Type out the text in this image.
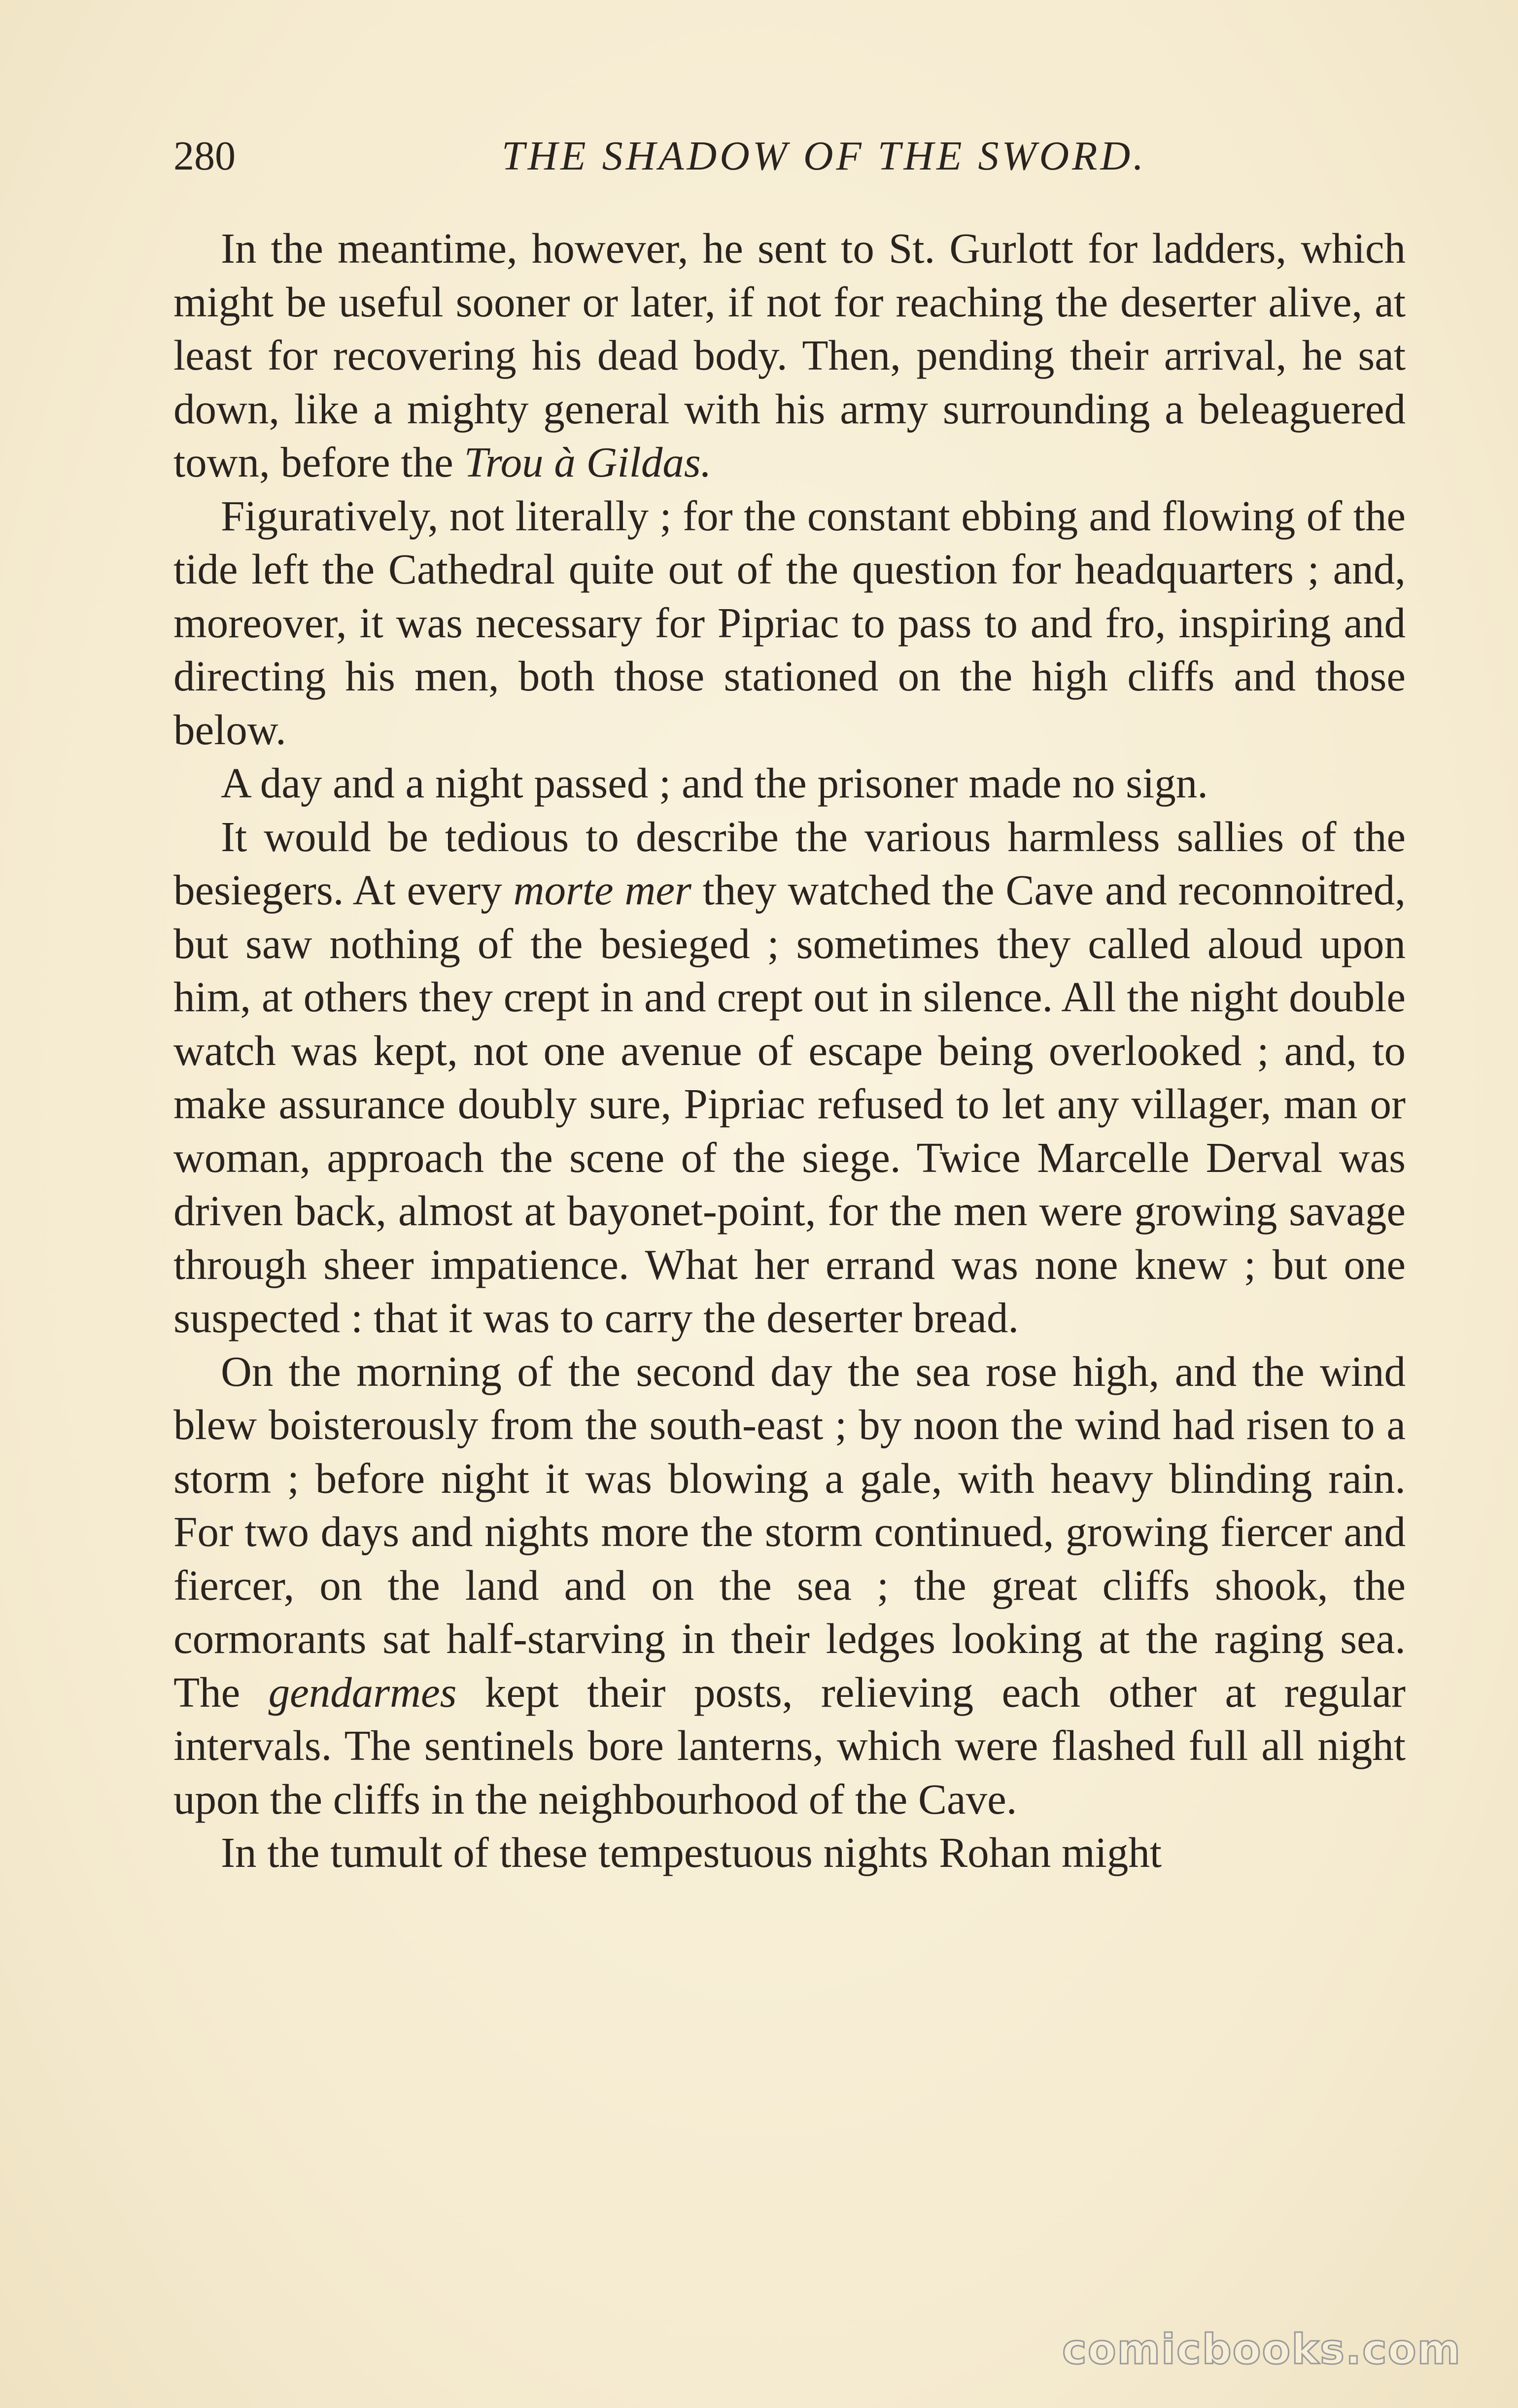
280	THE SHADOW OF THE SWORD.

In the meantime, however, he sent to St. Gurlott for ladders, which might be useful sooner or later, if not for reaching the deserter alive, at least for recovering his dead body. Then, pending their arrival, he sat down, like a mighty general with his army surrounding a beleaguered town, before the Trou à Gildas.

Figuratively, not literally ; for the constant ebbing and flowing of the tide left the Cathedral quite out of the question for headquarters ; and, moreover, it was necessary for Pipriac to pass to and fro, inspiring and directing his men, both those stationed on the high cliffs and those below.

A day and a night passed ; and the prisoner made no sign.

It would be tedious to describe the various harmless sallies of the besiegers. At every morte mer they watched the Cave and reconnoitred, but saw nothing of the besieged ; sometimes they called aloud upon him, at others they crept in and crept out in silence. All the night double watch was kept, not one avenue of escape being overlooked ; and, to make assurance doubly sure, Pipriac refused to let any villager, man or woman, approach the scene of the siege. Twice Marcelle Derval was driven back, almost at bayonet-point, for the men were growing savage through sheer impatience. What her errand was none knew ; but one suspected : that it was to carry the deserter bread.

On the morning of the second day the sea rose high, and the wind blew boisterously from the south-east ; by noon the wind had risen to a storm ; before night it was blowing a gale, with heavy blinding rain. For two days and nights more the storm continued, growing fiercer and fiercer, on the land and on the sea ; the great cliffs shook, the cormorants sat half-starving in their ledges looking at the raging sea. The gendarmes kept their posts, relieving each other at regular intervals. The sentinels bore lanterns, which were flashed full all night upon the cliffs in the neighbourhood of the Cave.

In the tumult of these tempestuous nights Rohan might

comicbooks.com
